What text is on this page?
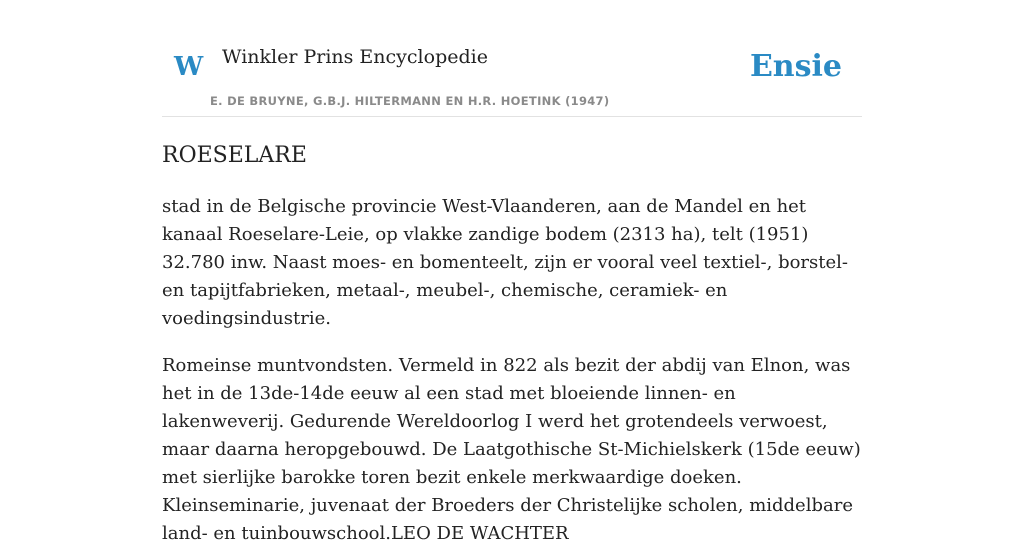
W Winkler Prins Encyclopedie
E. DE BRUYNE, G.B.J. HILTERMANN EN H.R. HOETINK (1947)
Ensie
ROESELARE

stad in de Belgische provincie West-Vlaanderen, aan de Mandel en het kanaal Roeselare-Leie, op vlakke zandige bodem (2313 ha), telt (1951) 32.780 inw. Naast moes- en bomenteelt, zijn er vooral veel textiel-, borstel- en tapijtfabrieken, metaal-, meubel-, chemische, ceramiek- en voedingsindustrie.

Romeinse muntvondsten. Vermeld in 822 als bezit der abdij van Elnon, was het in de 13de-14de eeuw al een stad met bloeiende linnen- en lakenweverij. Gedurende Wereldoorlog I werd het grotendeels verwoest, maar daarna heropgebouwd. De Laatgothische St-Michielskerk (15de eeuw) met sierlijke barokke toren bezit enkele merkwaardige doeken. Kleinseminarie, juvenaat der Broeders der Christelijke scholen, middelbare land- en tuinbouwschool.LEO DE WACHTER
